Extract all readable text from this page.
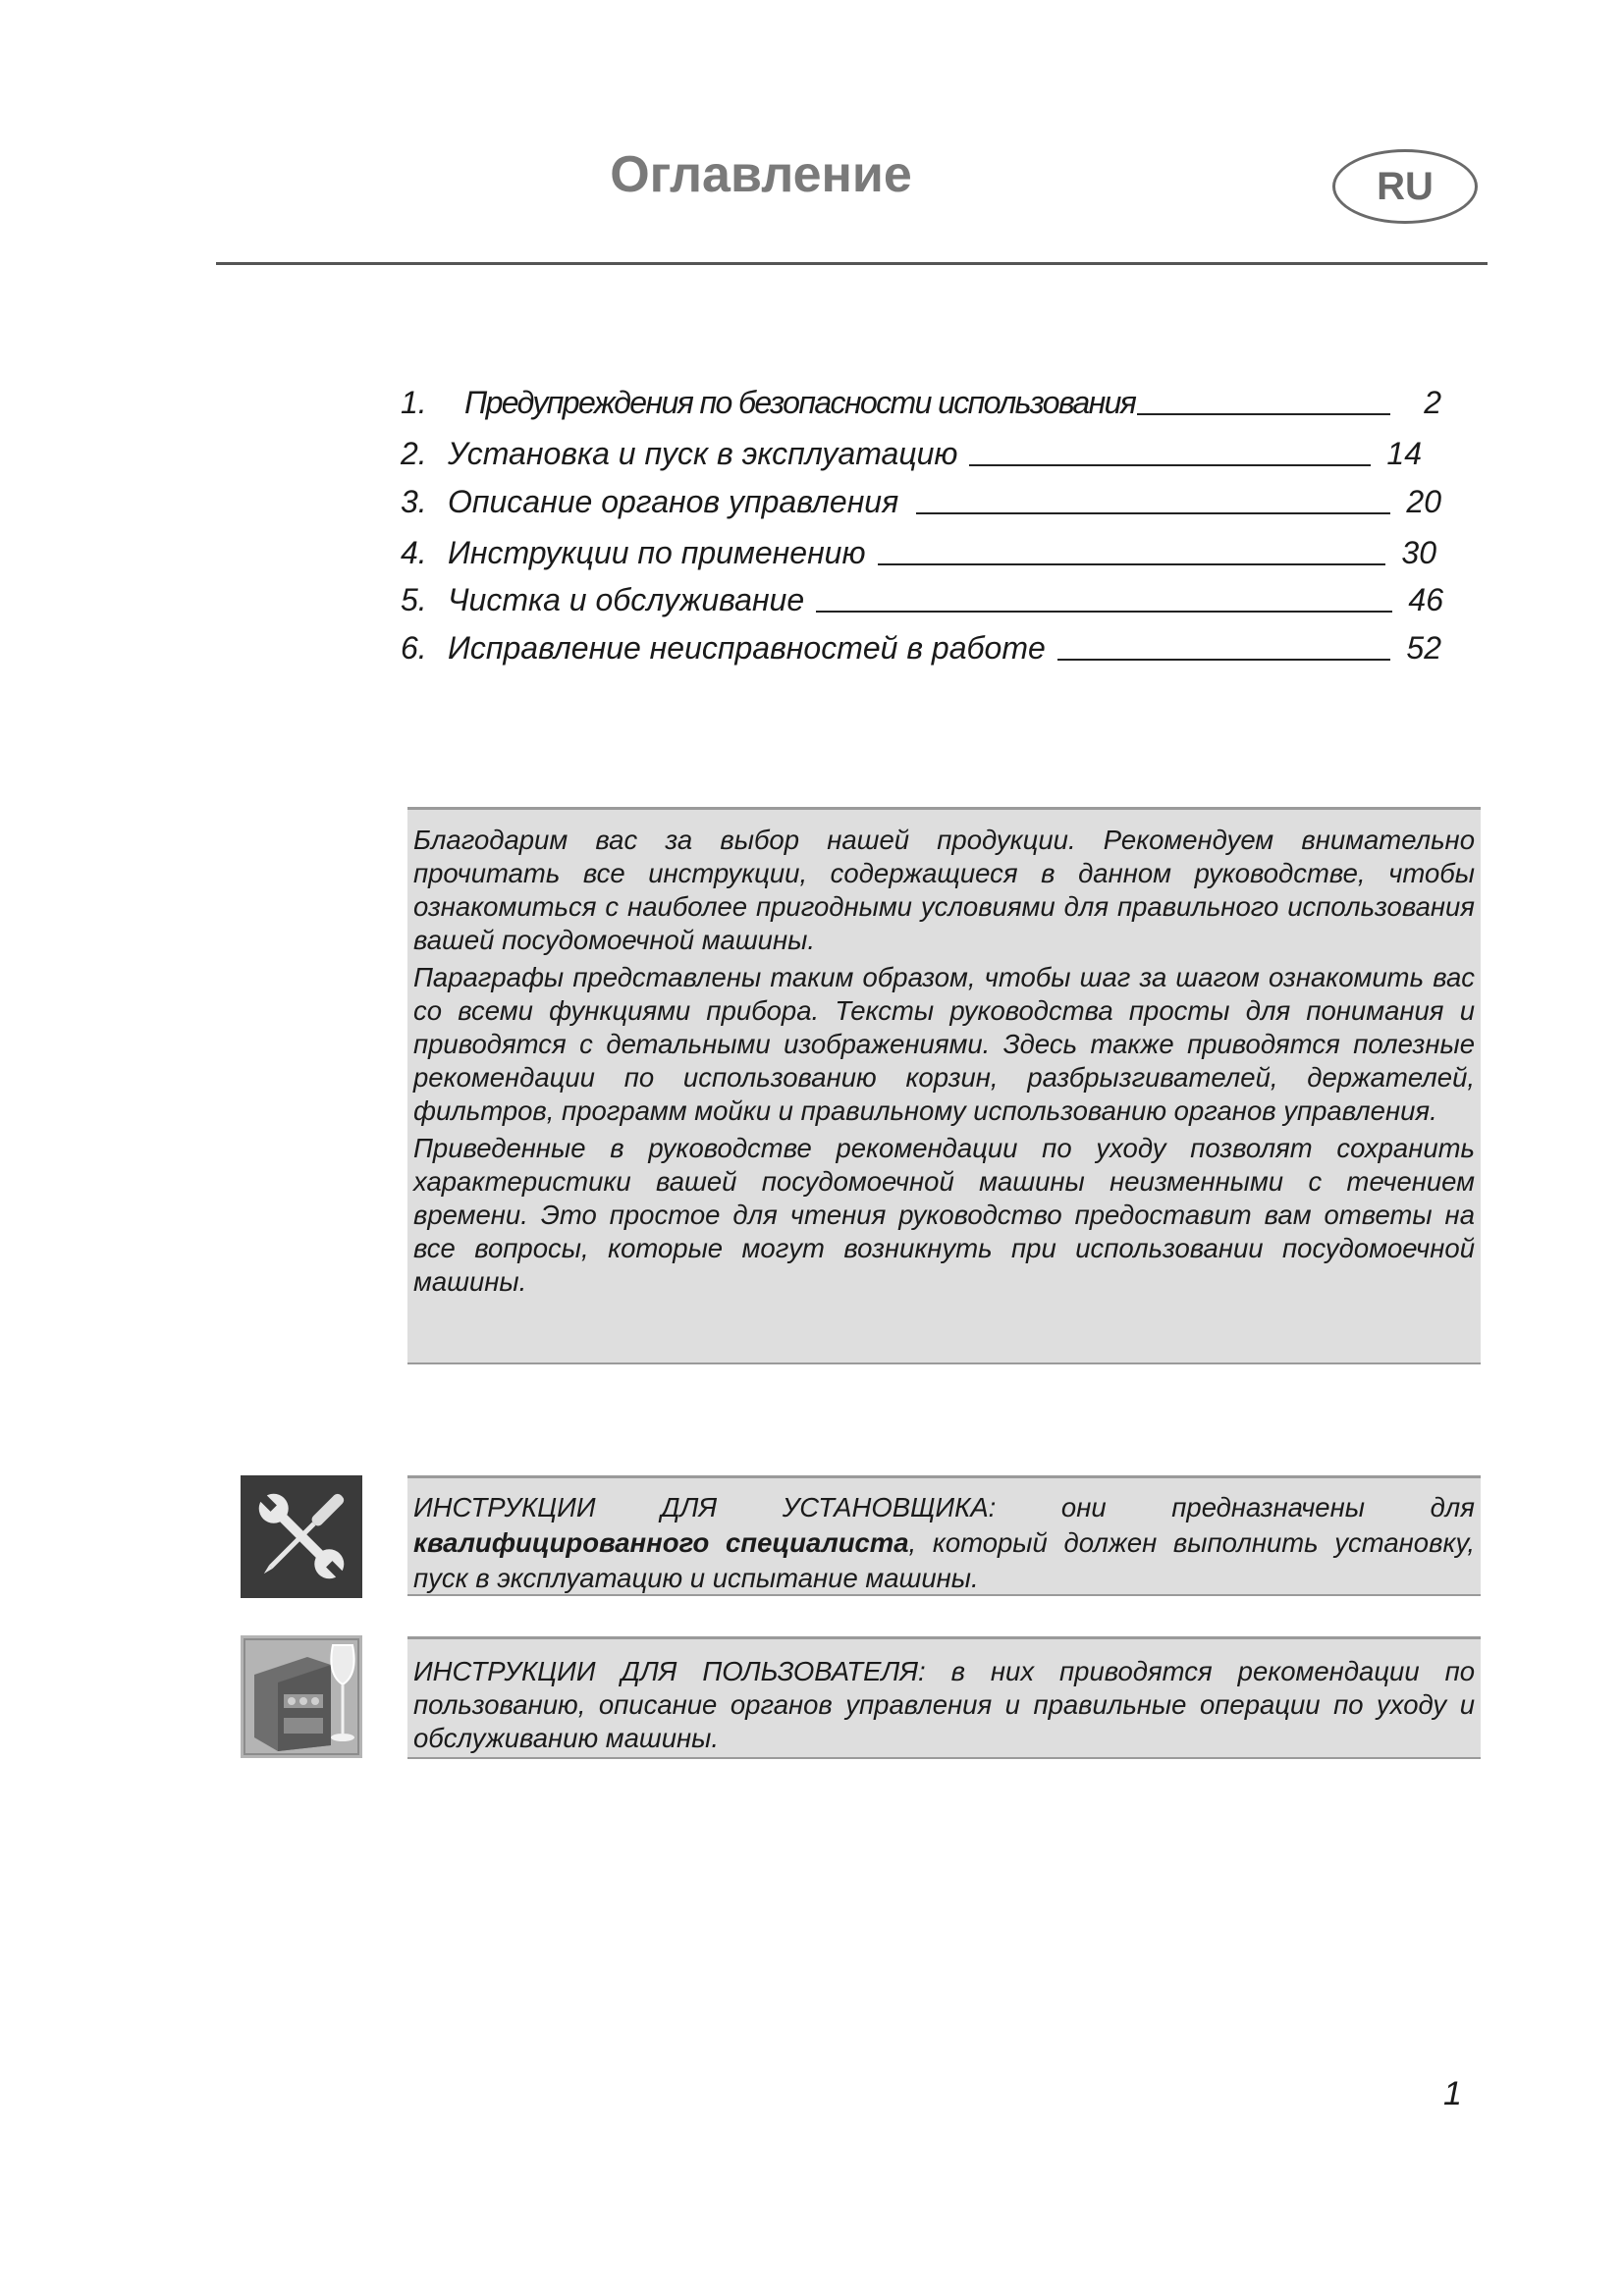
Оглавление	RU
1.	Предупреждения по безопасности использования	2
2. Установка и пуск в эксплуатацию	14
3. Описание органов управления	20
4. Инструкции по применению	30
5. Чистка и обслуживание	46
6. Исправление неисправностей в работе	52

Благодарим вас за выбор нашей продукции. Рекомендуем внимательно прочитать все инструкции, содержащиеся в данном руководстве, чтобы ознакомиться с наиболее пригодными условиями для правильного использования вашей посудомоечной машины.

Параграфы представлены таким образом, чтобы шаг за шагом ознакомить вас со всеми функциями прибора. Тексты руководства просты для понимания и приводятся с детальными изображениями. Здесь также приводятся полезные рекомендации по использованию корзин, разбрызгивателей, держателей, фильтров, программ мойки и правильному использованию органов управления.

Приведенные в руководстве рекомендации по уходу позволят сохранить характеристики вашей посудомоечной машины неизменными с течением времени. Это простое для чтения руководство предоставит вам ответы на все вопросы, которые могут возникнуть при использовании посудомоечной машины.

ИНСТРУКЦИИ ДЛЯ УСТАНОВЩИКА: они предназначены для квалифицированного специалиста, который должен выполнить установку, пуск в эксплуатацию и испытание машины.
ИНСТРУКЦИИ ДЛЯ ПОЛЬЗОВАТЕЛЯ: в них приводятся рекомендации по пользованию, описание органов управления и правильные операции по уходу и обслуживанию машины.
1
